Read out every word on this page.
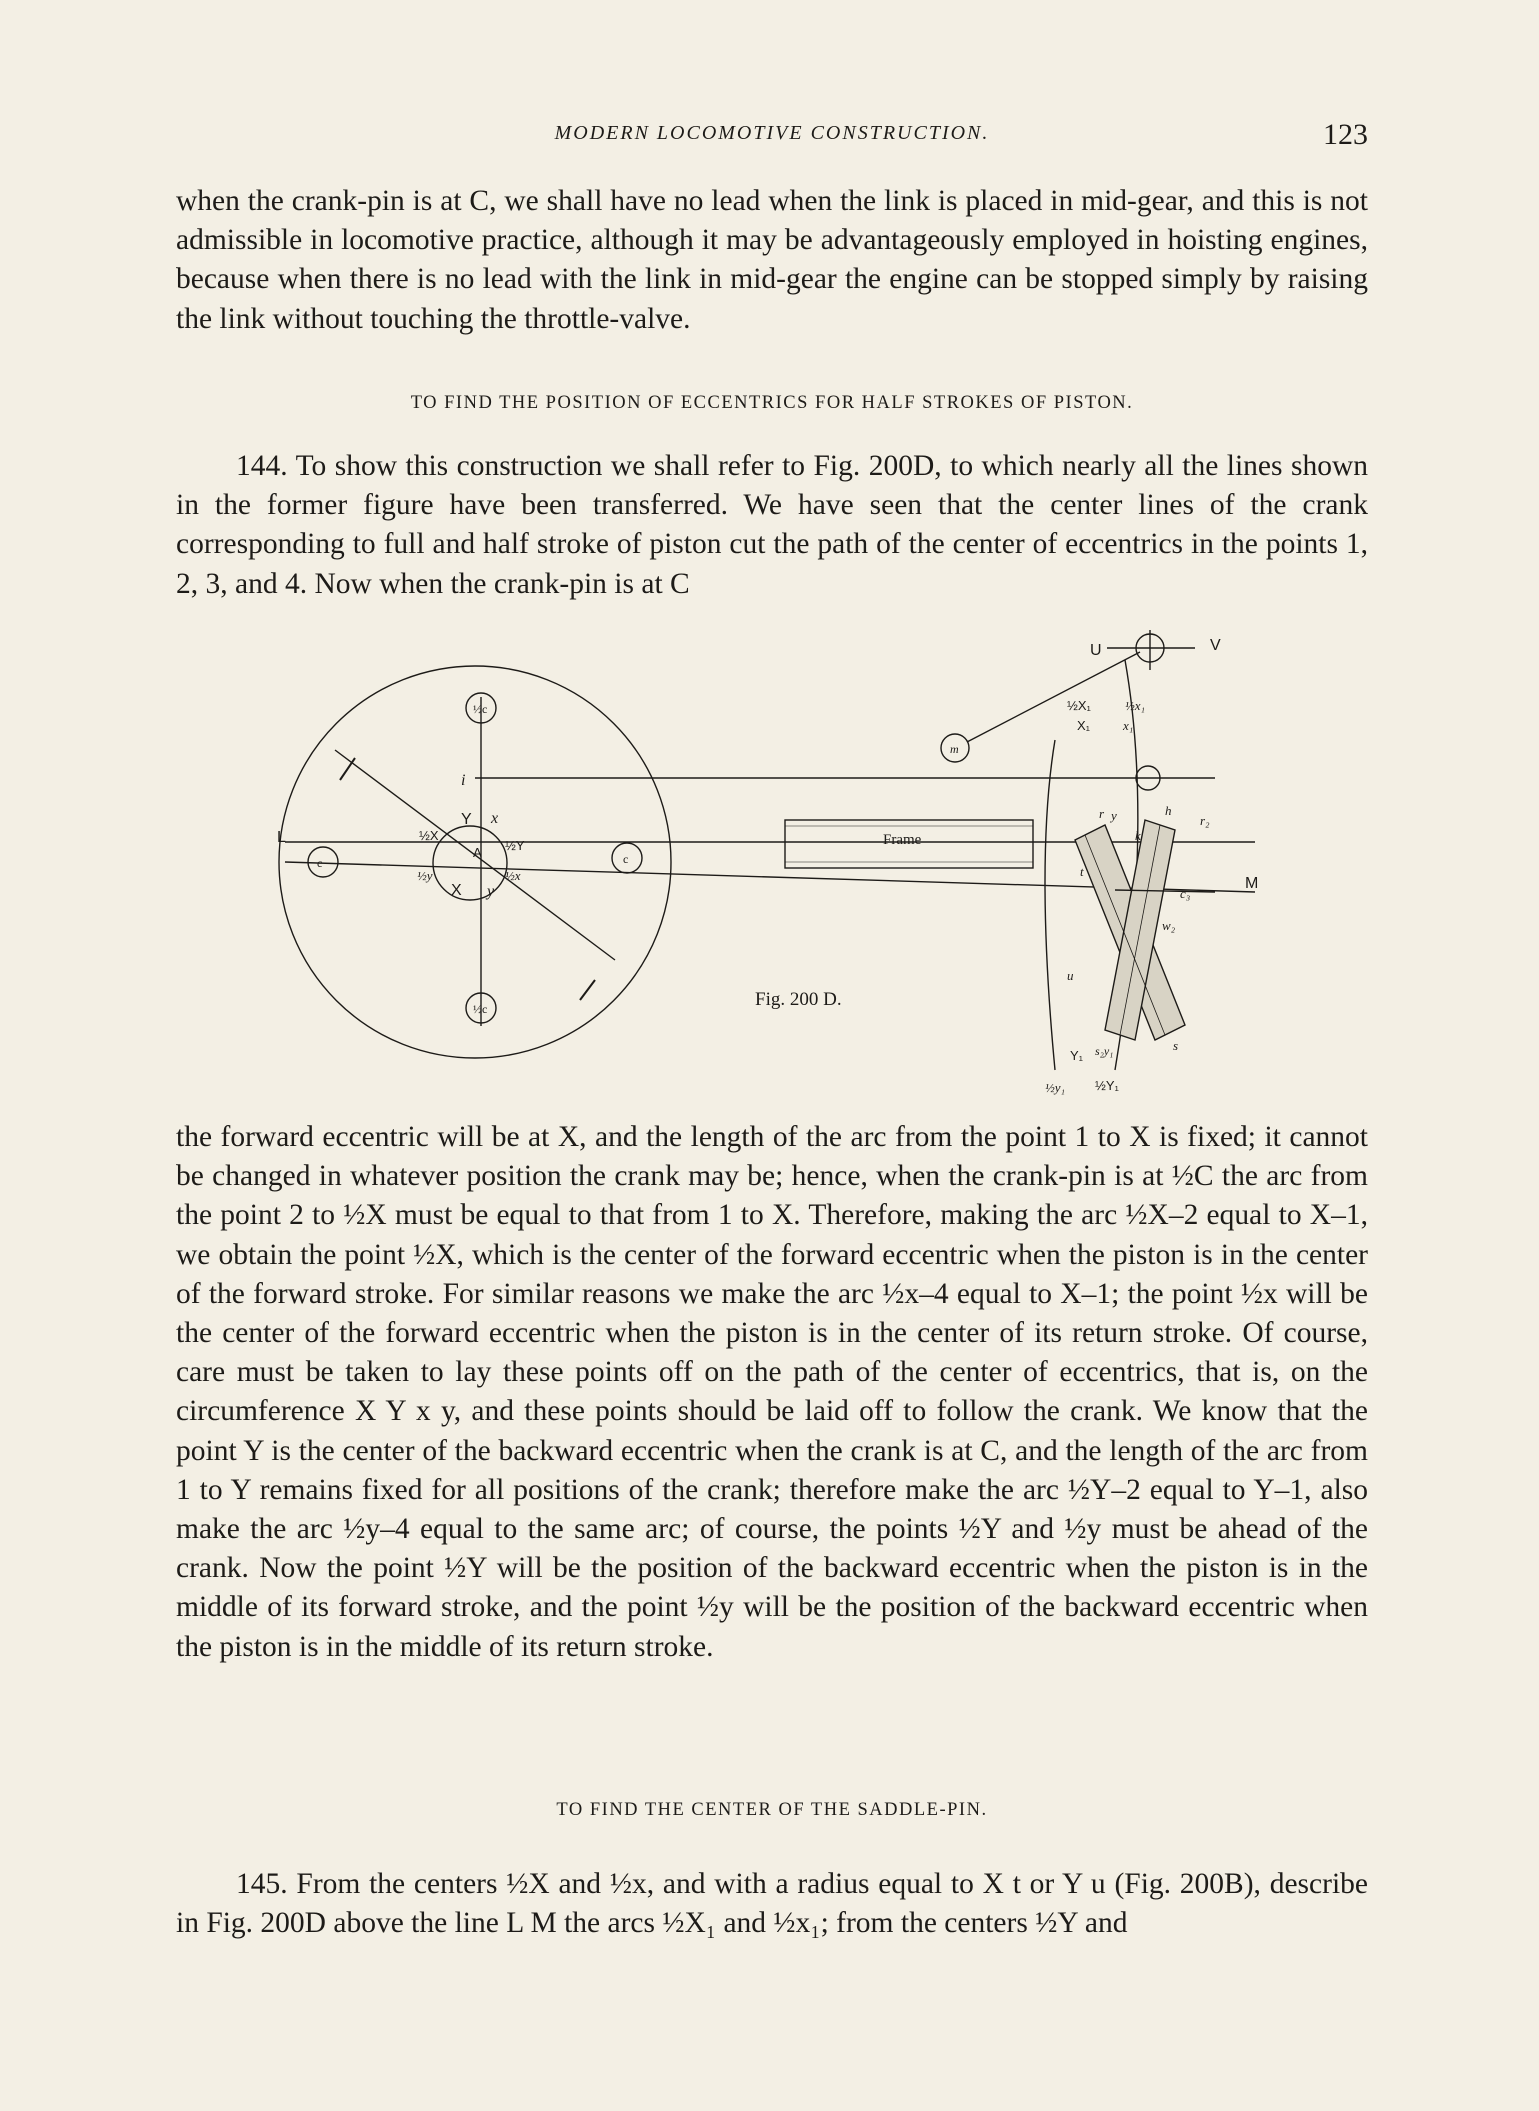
MODERN LOCOMOTIVE CONSTRUCTION.	123

when the crank-pin is at C, we shall have no lead when the link is placed in mid-gear, and this is not admissible in locomotive practice, although it may be advantageously employed in hoisting engines, because when there is no lead with the link in mid-gear the engine can be stopped simply by raising the link without touching the throttle-valve.

TO FIND THE POSITION OF ECCENTRICS FOR HALF STROKES OF PISTON.

144. To show this construction we shall refer to Fig. 200D, to which nearly all the lines shown in the former figure have been transferred. We have seen that the center lines of the crank corresponding to full and half stroke of piston cut the path of the center of eccentrics in the points 1, 2, 3, and 4. Now when the crank-pin is at C

L
M
U	V
c	c
½c
½c
Y
X
A
½X
½Y
½x
½y
x
y
i
m
Frame
½X₁	½x₁
X₁	x₁
Y₁
½Y₁
½y₁
s₂y₁
r₂
c₃
w₂
h
t
k
u
s
y
r
Fig. 200 D.

the forward eccentric will be at X, and the length of the arc from the point 1 to X is fixed; it cannot be changed in whatever position the crank may be; hence, when the crank-pin is at ½C the arc from the point 2 to ½X must be equal to that from 1 to X. Therefore, making the arc ½X–2 equal to X–1, we obtain the point ½X, which is the center of the forward eccentric when the piston is in the center of the forward stroke. For similar reasons we make the arc ½x–4 equal to X–1; the point ½x will be the center of the forward eccentric when the piston is in the center of its return stroke. Of course, care must be taken to lay these points off on the path of the center of eccentrics, that is, on the circumference X Y x y, and these points should be laid off to follow the crank. We know that the point Y is the center of the backward eccentric when the crank is at C, and the length of the arc from 1 to Y remains fixed for all positions of the crank; therefore make the arc ½Y–2 equal to Y–1, also make the arc ½y–4 equal to the same arc; of course, the points ½Y and ½y must be ahead of the crank. Now the point ½Y will be the position of the backward eccentric when the piston is in the middle of its forward stroke, and the point ½y will be the position of the backward eccentric when the piston is in the middle of its return stroke.

TO FIND THE CENTER OF THE SADDLE-PIN.

145. From the centers ½X and ½x, and with a radius equal to X t or Y u (Fig. 200B), describe in Fig. 200D above the line L M the arcs ½X₁ and ½x₁; from the centers ½Y and
